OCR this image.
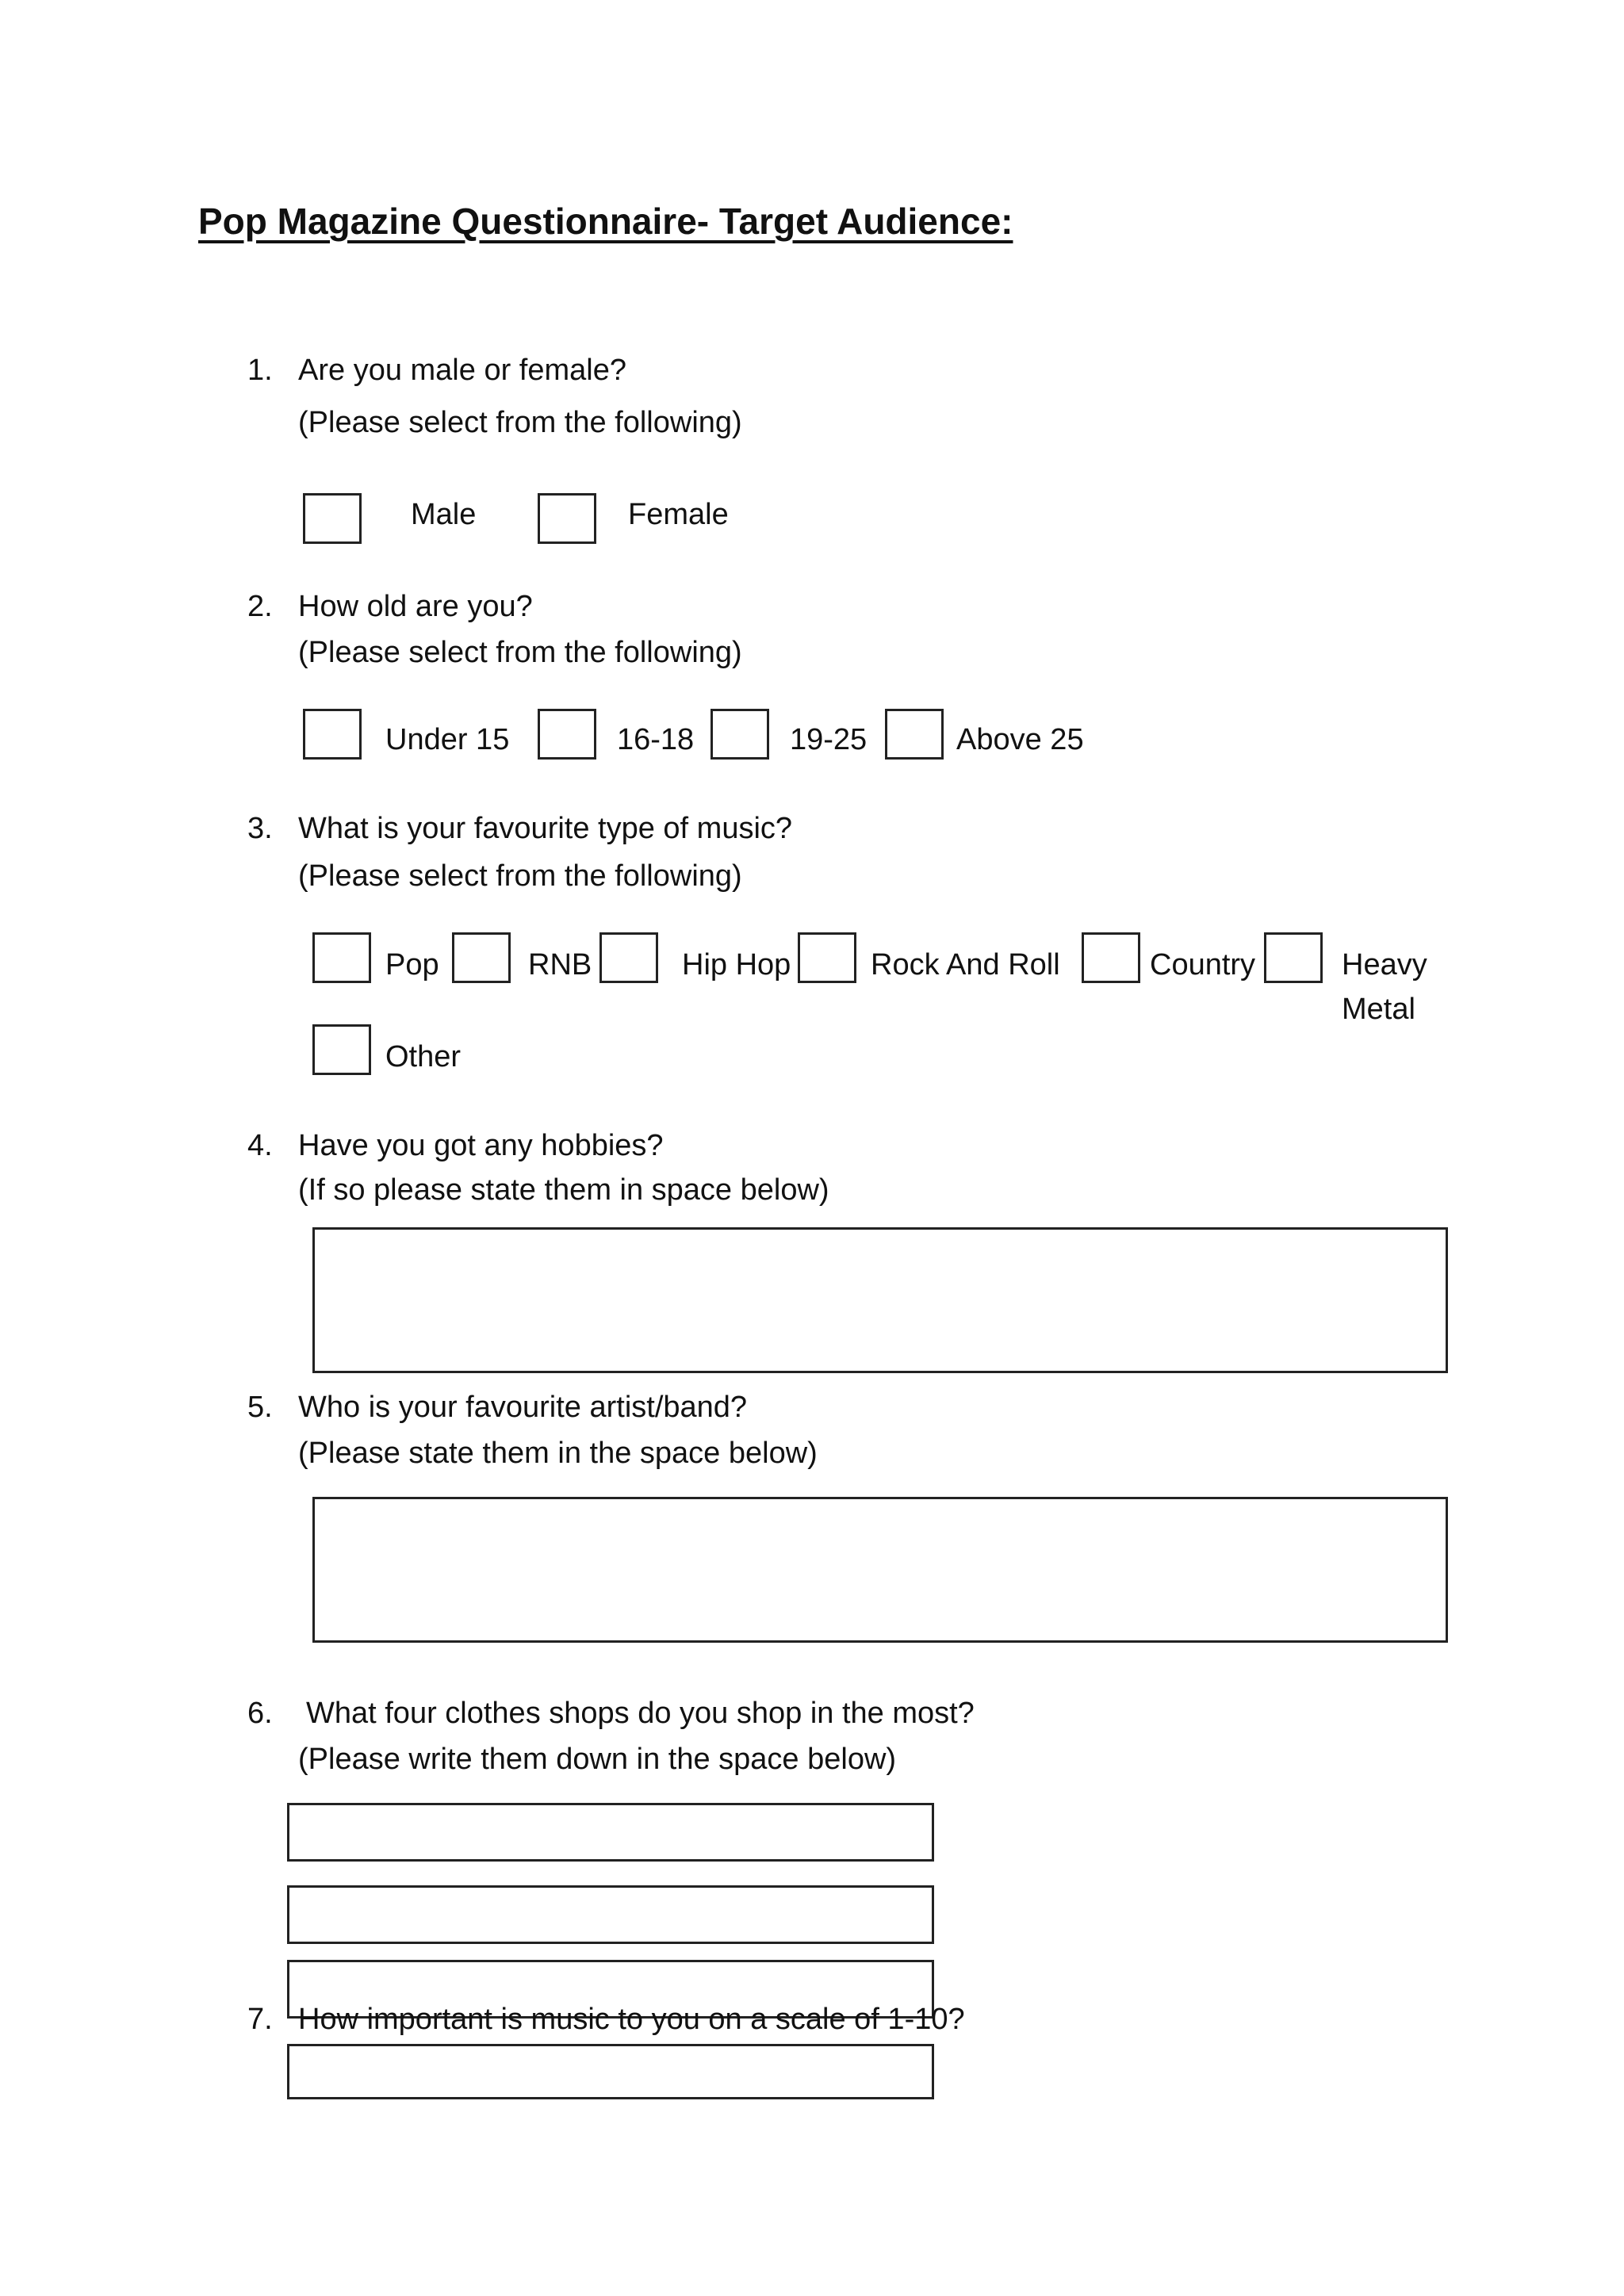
Pop Magazine Questionnaire- Target Audience:
1. Are you male or female?
(Please select from the following)
Male	Female
2. How old are you?
(Please select from the following)
Under 15	16-18	19-25	Above 25
3. What is your favourite type of music?
(Please select from the following)
Pop	RNB	Hip Hop	Rock And Roll	Country	Heavy
Metal
Other
4. Have you got any hobbies?
(If so please state them in space below)
5. Who is your favourite artist/band?
(Please state them in the space below)
6. What four clothes shops do you shop in the most?
(Please write them down in the space below)
7. How important is music to you on a scale of 1-10?
